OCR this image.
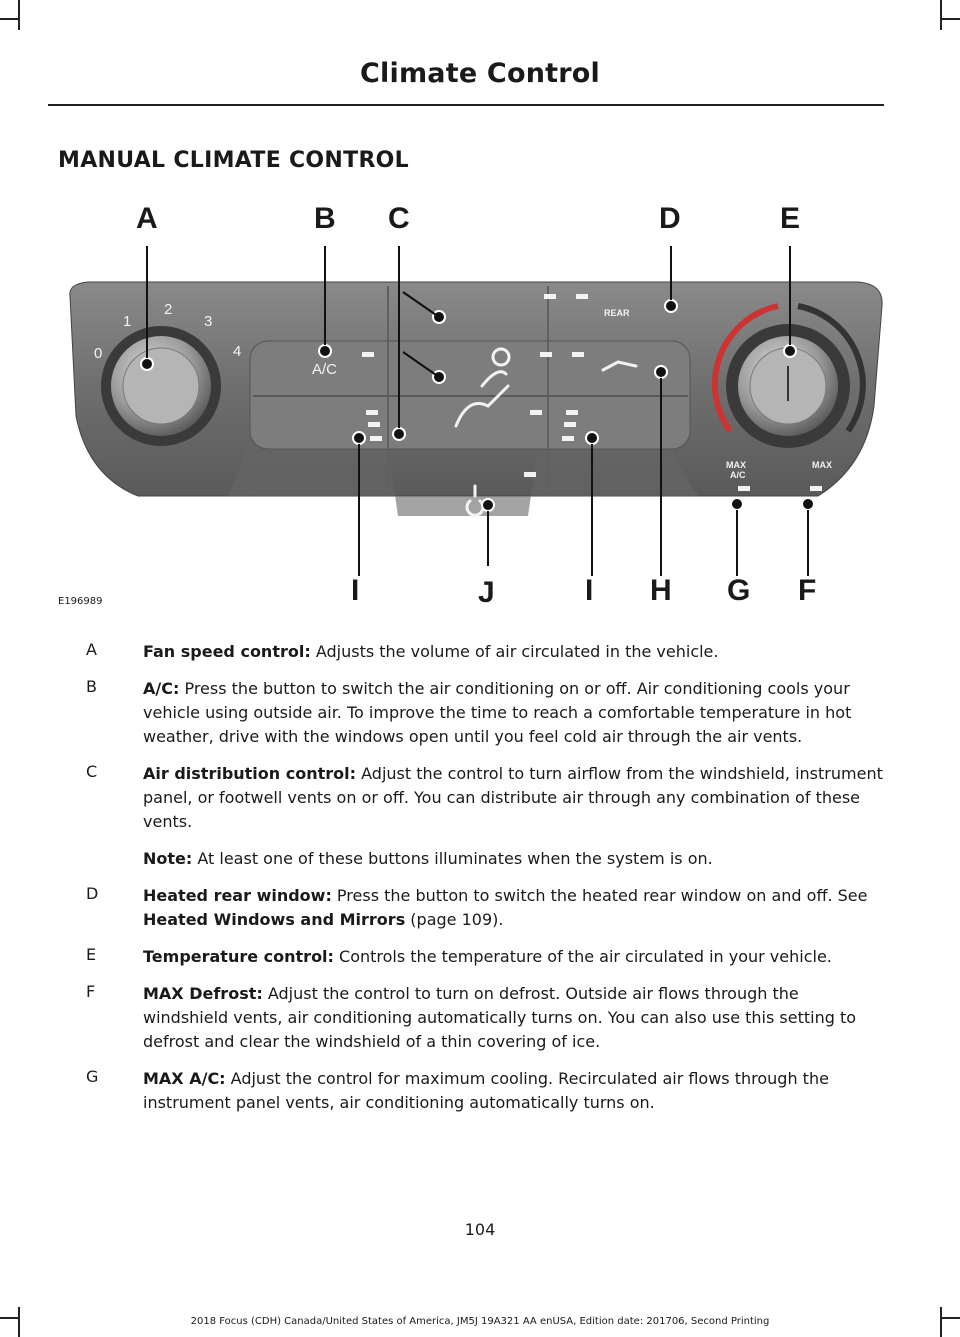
Climate Control
MANUAL CLIMATE CONTROL
0
1
2
3
4
A/C
REAR
MAX
A/C
MAX
A	B C	D	E
I	J	I H G F
E196989
A	Fan speed control: Adjusts the volume of air circulated in the vehicle.
B	A/C: Press the button to switch the air conditioning on or off. Air conditioning cools your vehicle using outside air. To improve the time to reach a comfortable temperature in hot weather, drive with the windows open until you feel cold air through the air vents.
C	Air distribution control: Adjust the control to turn airflow from the windshield, instrument panel, or footwell vents on or off. You can distribute air through any combination of these vents.
Note: At least one of these buttons illuminates when the system is on.
D	Heated rear window: Press the button to switch the heated rear window on and off. See Heated Windows and Mirrors (page 109).
E	Temperature control: Controls the temperature of the air circulated in your vehicle.
F	MAX Defrost: Adjust the control to turn on defrost. Outside air flows through the windshield vents, air conditioning automatically turns on. You can also use this setting to defrost and clear the windshield of a thin covering of ice.
G	MAX A/C: Adjust the control for maximum cooling. Recirculated air flows through the instrument panel vents, air conditioning automatically turns on.
104
2018 Focus (CDH) Canada/United States of America, JM5J 19A321 AA enUSA, Edition date: 201706, Second Printing
